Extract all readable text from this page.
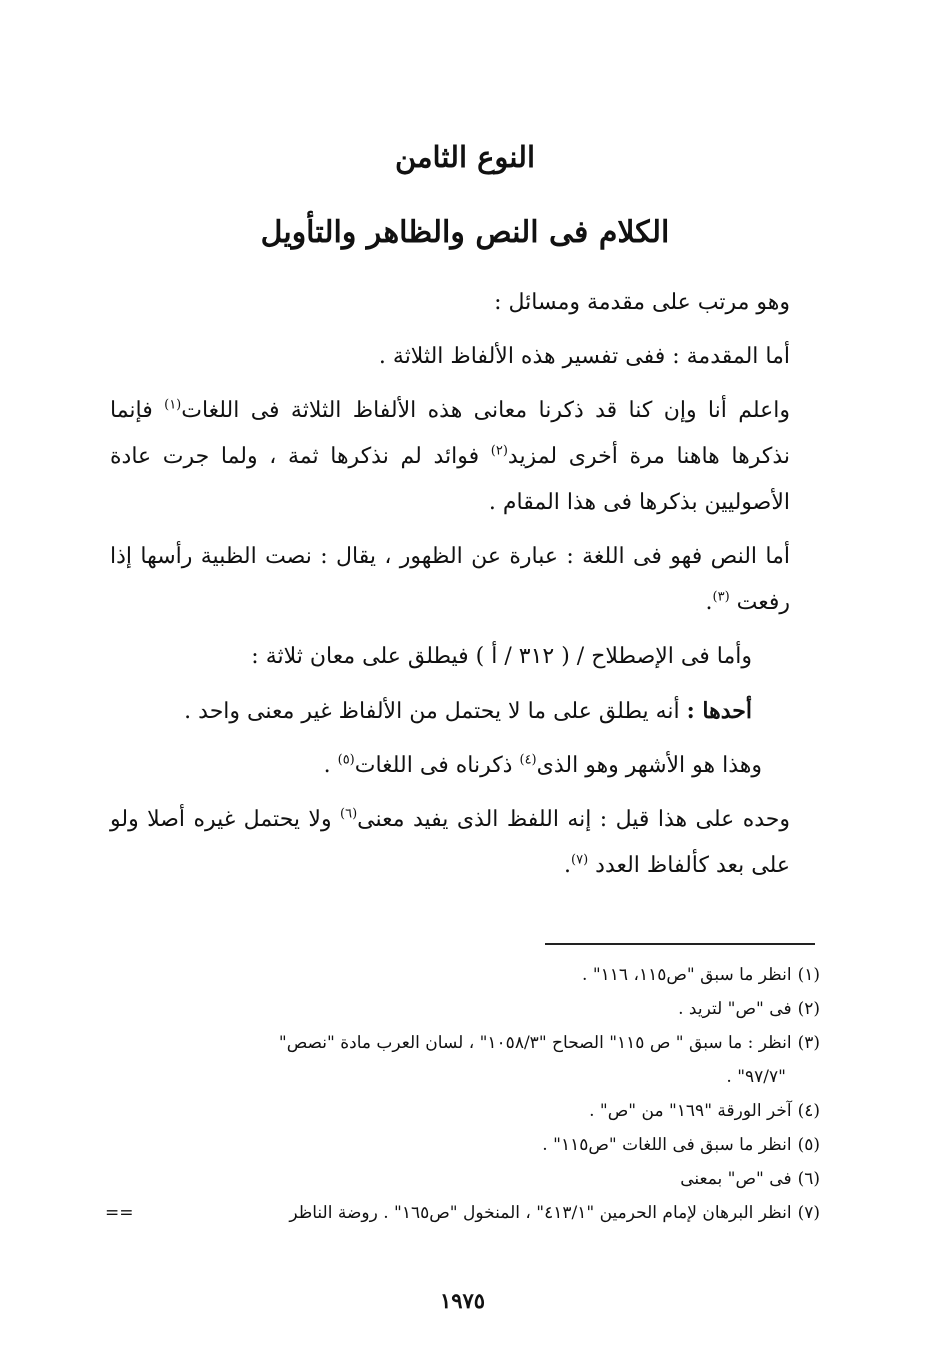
النوع الثامن
الكلام فى النص والظاهر والتأويل

وهو مرتب على مقدمة ومسائل :

أما المقدمة : ففى تفسير هذه الألفاظ الثلاثة .

واعلم أنا وإن كنا قد ذكرنا معانى هذه الألفاظ الثلاثة فى اللغات$^{(١)}$ فإنما نذكرها هاهنا مرة أخرى لمزيد$^{(٢)}$ فوائد لم نذكرها ثمة ، ولما جرت عادة الأصوليين بذكرها فى هذا المقام .

أما النص فهو فى اللغة : عبارة عن الظهور ، يقال : نصت الظبية رأسها إذا رفعت $^{(٣)}$.

وأما فى الإصطلاح / ( ٣١٢ / أ ) فيطلق على معان ثلاثة :

أحدها : أنه يطلق على ما لا يحتمل من الألفاظ غير معنى واحد .

وهذا هو الأشهر وهو الذى$^{(٤)}$ ذكرناه فى اللغات$^{(٥)}$ .

وحده على هذا قيل : إنه اللفظ الذى يفيد معنى$^{(٦)}$ ولا يحتمل غيره أصلا ولو على بعد كألفاظ العدد $^{(٧)}$.

(١)
انظر ما سبق "ص١١٥، ١١٦" .
(٢)
فى "ص" لتريد .
(٣)
انظر : ما سبق " ص ١١٥" الصحاح "١٠٥٨/٣" ، لسان العرب مادة "نصص"
"٩٧/٧" .
(٤)
آخر الورقة "١٦٩" من "ص" .
(٥)
انظر ما سبق فى اللغات "ص١١٥" .
(٦)
فى "ص" بمعنى
(٧)انظر البرهان لإمام الحرمين "٤١٣/١" ، المنخول "ص١٦٥" . روضة الناظر
==
١٩٧٥
